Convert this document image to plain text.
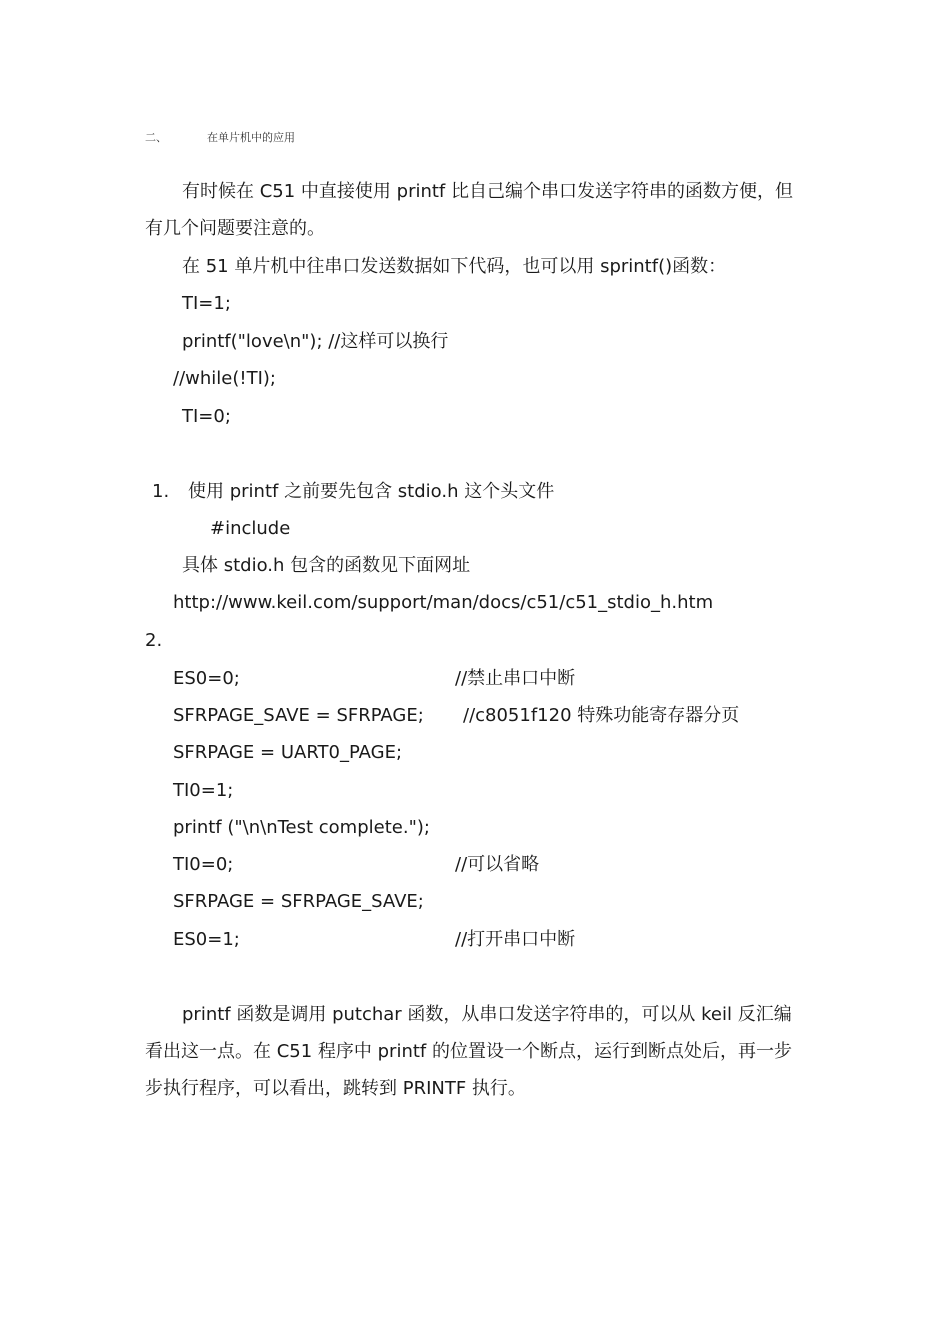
二、	在单片机中的应用
有时候在 C51 中直接使用 printf 比自己编个串口发送字符串的函数方便，但
有几个问题要注意的。
在 51 单片机中往串口发送数据如下代码，也可以用 sprintf()函数：
TI=1;
printf("love\n"); //这样可以换行
//while(!TI);
TI=0;
1. 使用 printf 之前要先包含 stdio.h 这个头文件
#include
具体 stdio.h 包含的函数见下面网址
http://www.keil.com/support/man/docs/c51/c51_stdio_h.htm
2.
ES0=0;	//禁止串口中断
SFRPAGE_SAVE = SFRPAGE; //c8051f120 特殊功能寄存器分页
SFRPAGE = UART0_PAGE;
TI0=1;
printf ("\n\nTest complete.");
TI0=0;	//可以省略
SFRPAGE = SFRPAGE_SAVE;
ES0=1;	//打开串口中断
printf 函数是调用 putchar 函数，从串口发送字符串的，可以从 keil 反汇编
看出这一点。在 C51 程序中 printf 的位置设一个断点，运行到断点处后，再一步
步执行程序，可以看出，跳转到 PRINTF 执行。
